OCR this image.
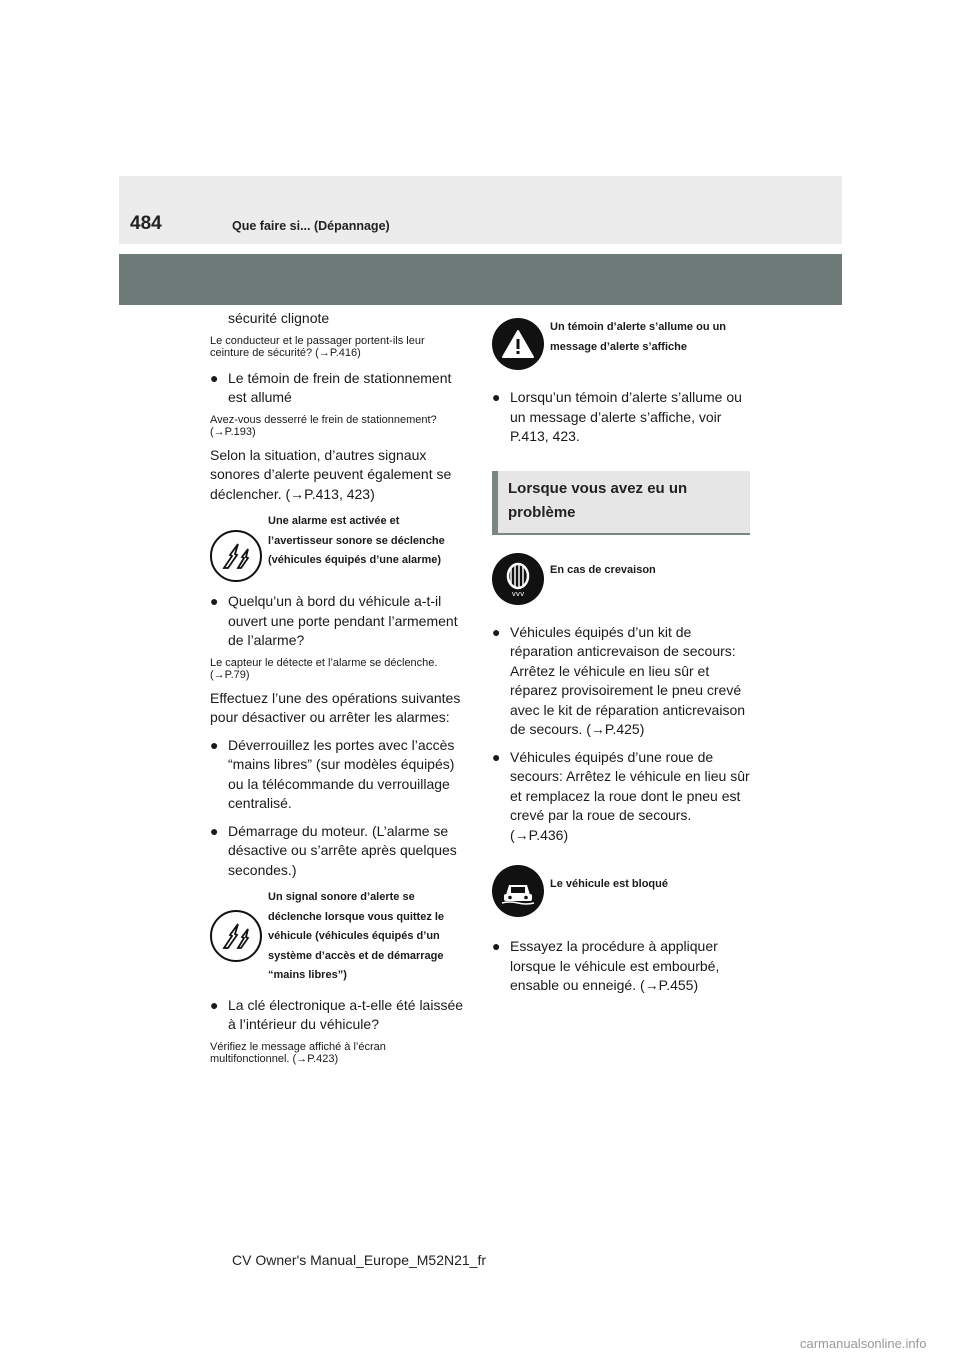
484	Que faire si... (Dépannage)

sécurité clignote

Le conducteur et le passager portent-ils leur ceinture de sécurité? (→P.416)

● Le témoin de frein de stationnement est allumé

Avez-vous desserré le frein de stationnement? (→P.193)

Selon la situation, d’autres signaux sonores d’alerte peuvent également se déclencher. (→P.413, 423)

Une alarme est activée et l’avertisseur sonore se déclenche (véhicules équipés d’une alarme)

● Quelqu’un à bord du véhicule a-t-il ouvert une porte pendant l’armement de l’alarme?

Le capteur le détecte et l’alarme se déclenche. (→P.79)

Effectuez l’une des opérations suivantes pour désactiver ou arrêter les alarmes:

● Déverrouillez les portes avec l’accès “mains libres” (sur modèles équipés) ou la télécommande du verrouillage centralisé.

● Démarrage du moteur. (L’alarme se désactive ou s’arrête après quelques secondes.)

Un signal sonore d’alerte se déclenche lorsque vous quittez le véhicule (véhicules équipés d’un système d’accès et de démarrage “mains libres”)

● La clé électronique a-t-elle été laissée à l’intérieur du véhicule?

Vérifiez le message affiché à l’écran multifonctionnel. (→P.423)

Un témoin d’alerte s’allume ou un message d’alerte s’affiche

● Lorsqu’un témoin d’alerte s’allume ou un message d’alerte s’affiche, voir P.413, 423.

Lorsque vous avez eu un problème
vvv
En cas de crevaison

● Véhicules équipés d’un kit de réparation anticrevaison de secours: Arrêtez le véhicule en lieu sûr et réparez provisoirement le pneu crevé avec le kit de réparation anticrevaison de secours. (→P.425)

● Véhicules équipés d’une roue de secours: Arrêtez le véhicule en lieu sûr et remplacez la roue dont le pneu est crevé par la roue de secours. (→P.436)

Le véhicule est bloqué

● Essayez la procédure à appliquer lorsque le véhicule est embourbé, ensable ou enneigé. (→P.455)

CV Owner's Manual_Europe_M52N21_fr
carmanualsonline.info
